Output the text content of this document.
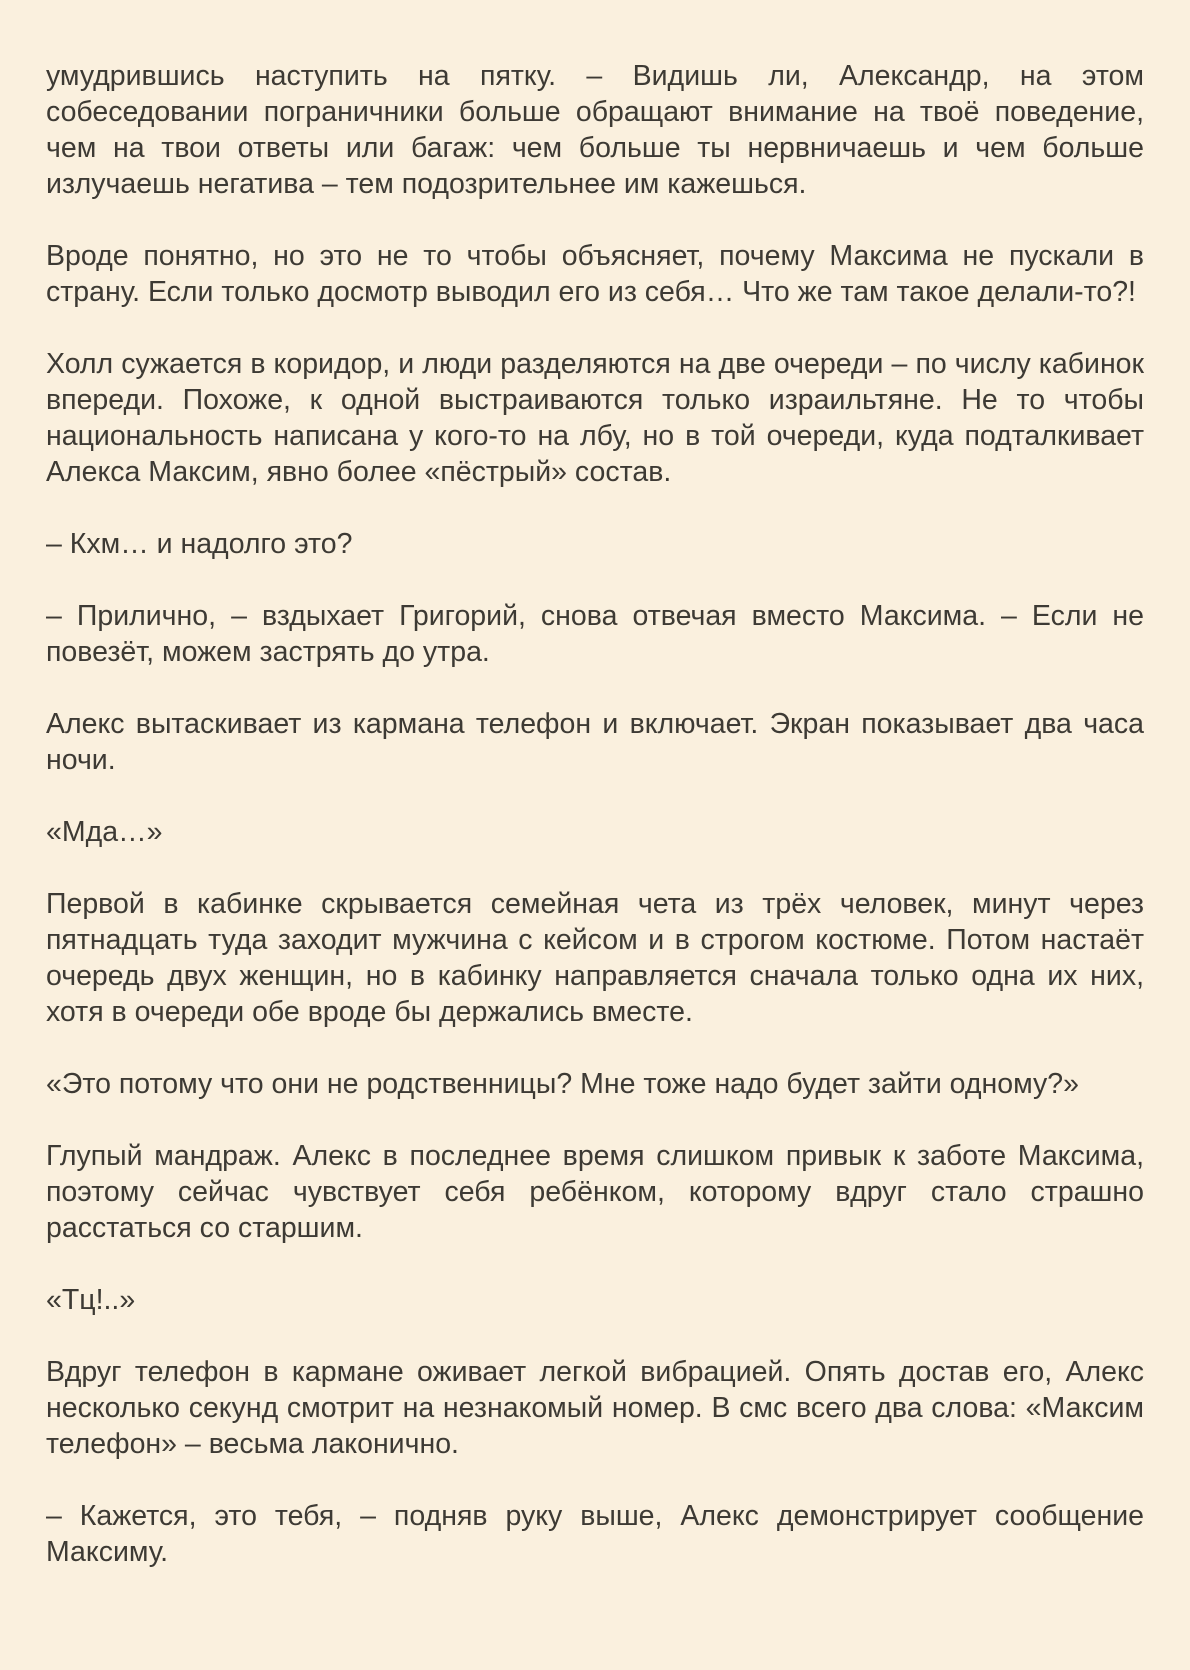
умудрившись наступить на пятку. – Видишь ли, Александр, на этом собеседовании пограничники больше обращают внимание на твоё поведение, чем на твои ответы или багаж: чем больше ты нервничаешь и чем больше излучаешь негатива – тем подозрительнее им кажешься.

Вроде понятно, но это не то чтобы объясняет, почему Максима не пускали в страну. Если только досмотр выводил его из себя… Что же там такое делали-то?!

Холл сужается в коридор, и люди разделяются на две очереди – по числу кабинок впереди. Похоже, к одной выстраиваются только израильтяне. Не то чтобы национальность написана у кого-то на лбу, но в той очереди, куда подталкивает Алекса Максим, явно более «пёстрый» состав.

– Кхм… и надолго это?

– Прилично, – вздыхает Григорий, снова отвечая вместо Максима. – Если не повезёт, можем застрять до утра.

Алекс вытаскивает из кармана телефон и включает. Экран показывает два часа ночи.

«Мда…»

Первой в кабинке скрывается семейная чета из трёх человек, минут через пятнадцать туда заходит мужчина с кейсом и в строгом костюме. Потом настаёт очередь двух женщин, но в кабинку направляется сначала только одна их них, хотя в очереди обе вроде бы держались вместе.

«Это потому что они не родственницы? Мне тоже надо будет зайти одному?»

Глупый мандраж. Алекс в последнее время слишком привык к заботе Максима, поэтому сейчас чувствует себя ребёнком, которому вдруг стало страшно расстаться со старшим.

«Тц!..»

Вдруг телефон в кармане оживает легкой вибрацией. Опять достав его, Алекс несколько секунд смотрит на незнакомый номер. В смс всего два слова: «Максим телефон» – весьма лаконично.

– Кажется, это тебя, – подняв руку выше, Алекс демонстрирует сообщение Максиму.
